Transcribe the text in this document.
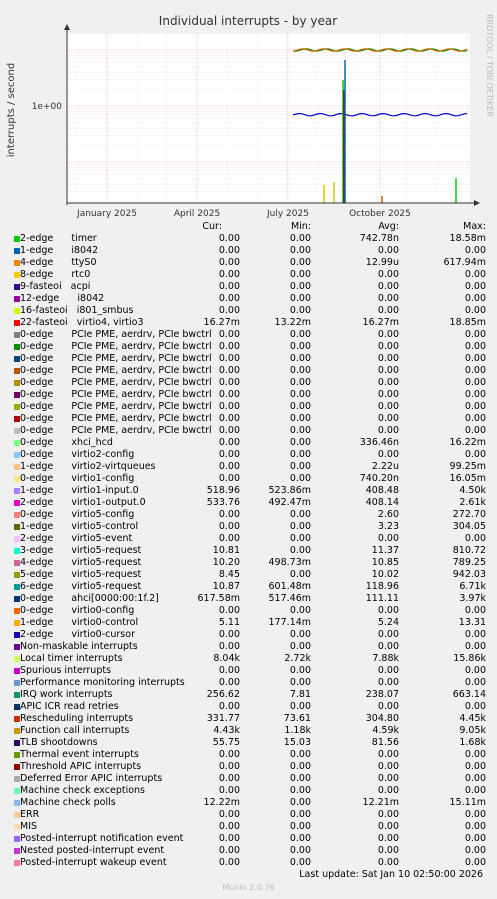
Individual interrupts - by year
interrupts / second	RRDTOOL / TOBI OETIKER
1e+00
January 2025	April 2025	July 2025	October 2025
Cur:	Min:	Avg:	Max:
2-edge      timer	0.00	0.00	742.78n	18.58m
1-edge      i8042	0.00	0.00	0.00	0.00
4-edge      ttyS0	0.00	0.00	12.99u	617.94m
8-edge      rtc0	0.00	0.00	0.00	0.00
9-fasteoi   acpi	0.00	0.00	0.00	0.00
12-edge      i8042	0.00	0.00	0.00	0.00
16-fasteoi   i801_smbus	0.00	0.00	0.00	0.00
22-fasteoi   virtio4, virtio3	16.27m	13.22m	16.27m	18.85m
0-edge      PCIe PME, aerdrv, PCIe bwctrl 0.00	0.00	0.00	0.00
0-edge      PCIe PME, aerdrv, PCIe bwctrl 0.00	0.00	0.00	0.00
0-edge      PCIe PME, aerdrv, PCIe bwctrl 0.00	0.00	0.00	0.00
0-edge      PCIe PME, aerdrv, PCIe bwctrl 0.00	0.00	0.00	0.00
0-edge      PCIe PME, aerdrv, PCIe bwctrl 0.00	0.00	0.00	0.00
0-edge      PCIe PME, aerdrv, PCIe bwctrl 0.00	0.00	0.00	0.00
0-edge      PCIe PME, aerdrv, PCIe bwctrl 0.00	0.00	0.00	0.00
0-edge      PCIe PME, aerdrv, PCIe bwctrl 0.00	0.00	0.00	0.00
0-edge      PCIe PME, aerdrv, PCIe bwctrl 0.00	0.00	0.00	0.00
0-edge      xhci_hcd	0.00	0.00	336.46n	16.22m
0-edge      virtio2-config	0.00	0.00	0.00	0.00
1-edge      virtio2-virtqueues	0.00	0.00	2.22u	99.25m
0-edge      virtio1-config	0.00	0.00	740.20n	16.05m
1-edge      virtio1-input.0	518.96	523.86m	408.48	4.50k
2-edge      virtio1-output.0	533.76	492.47m	408.14	2.61k
0-edge      virtio5-config	0.00	0.00	2.60	272.70
1-edge      virtio5-control	0.00	0.00	3.23	304.05
2-edge      virtio5-event	0.00	0.00	0.00	0.00
3-edge      virtio5-request	10.81	0.00	11.37	810.72
4-edge      virtio5-request	10.20	498.73m	10.85	789.25
5-edge      virtio5-request	8.45	0.00	10.02	942.03
6-edge      virtio5-request	10.87	601.48m	118.96	6.71k
0-edge      ahci[0000:00:1f.2]	617.58m	517.46m	111.11	3.97k
0-edge      virtio0-config	0.00	0.00	0.00	0.00
1-edge      virtio0-control	5.11	177.14m	5.24	13.31
2-edge      virtio0-cursor	0.00	0.00	0.00	0.00
Non-maskable interrupts	0.00	0.00	0.00	0.00
Local timer interrupts	8.04k	2.72k	7.88k	15.86k
Spurious interrupts	0.00	0.00	0.00	0.00
Performance monitoring interrupts	0.00	0.00	0.00	0.00
IRQ work interrupts	256.62	7.81	238.07	663.14
APIC ICR read retries	0.00	0.00	0.00	0.00
Rescheduling interrupts	331.77	73.61	304.80	4.45k
Function call interrupts	4.43k	1.18k	4.59k	9.05k
TLB shootdowns	55.75	15.03	81.56	1.68k
Thermal event interrupts	0.00	0.00	0.00	0.00
Threshold APIC interrupts	0.00	0.00	0.00	0.00
Deferred Error APIC interrupts	0.00	0.00	0.00	0.00
Machine check exceptions	0.00	0.00	0.00	0.00
Machine check polls	12.22m	0.00	12.21m	15.11m
ERR	0.00	0.00	0.00	0.00
MIS	0.00	0.00	0.00	0.00
Posted-interrupt notification event	0.00	0.00	0.00	0.00
Nested posted-interrupt event	0.00	0.00	0.00	0.00
Posted-interrupt wakeup event	0.00	0.00	0.00	0.00
Last update: Sat Jan 10 02:50:00 2026
Munin 2.0.76
